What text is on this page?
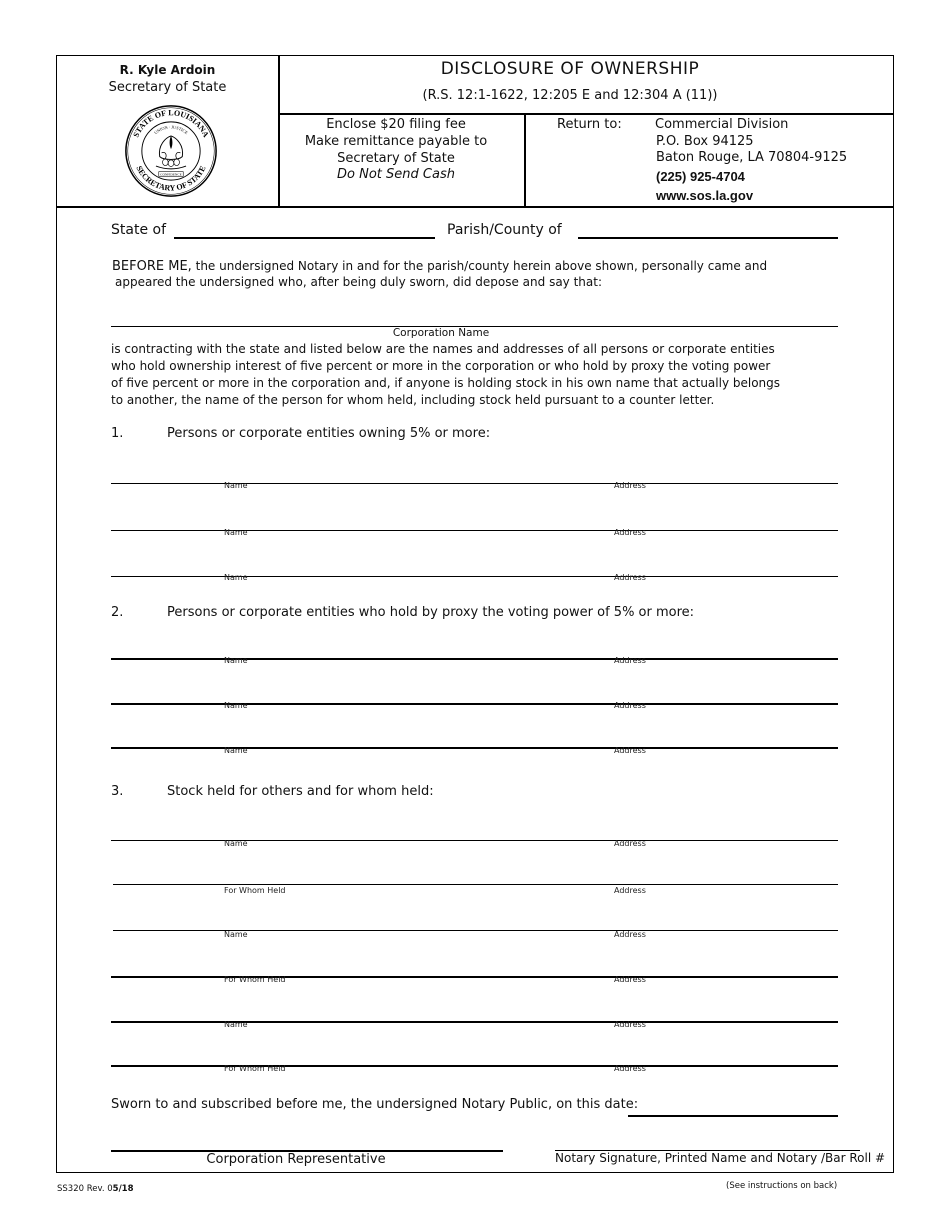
R. Kyle Ardoin
Secretary of State
STATE OF LOUISIANA
SECRETARY OF STATE
UNION · JUSTICE
CONFIDENCE
DISCLOSURE OF OWNERSHIP
(R.S. 12:1-1622, 12:205 E and 12:304 A (11))
Enclose $20 filing fee
Make remittance payable to
Secretary of State
Do Not Send Cash
Return to:	Commercial Division
P.O. Box 94125
Baton Rouge, LA 70804-9125
(225) 925-4704
www.sos.la.gov
State of	Parish/County of
BEFORE ME, the undersigned Notary in and for the parish/county herein above shown, personally came and
appeared the undersigned who, after being duly sworn, did depose and say that:
Corporation Name
is contracting with the state and listed below are the names and addresses of all persons or corporate entities
who hold ownership interest of five percent or more in the corporation or who hold by proxy the voting power
of five percent or more in the corporation and, if anyone is holding stock in his own name that actually belongs
to another, the name of the person for whom held, including stock held pursuant to a counter letter.
1.	Persons or corporate entities owning 5% or more:
Name	Address
Name	Address
Name	Address
2.	Persons or corporate entities who hold by proxy the voting power of 5% or more:
Name	Address
Name	Address
Name	Address
3.	Stock held for others and for whom held:
Name	Address
For Whom Held	Address
Name	Address
For Whom Held	Address
Name	Address
For Whom Held	Address
Sworn to and subscribed before me, the undersigned Notary Public, on this date:
Corporation Representative	Notary Signature, Printed Name and Notary /Bar Roll #
SS320 Rev. 05/18	(See instructions on back)
